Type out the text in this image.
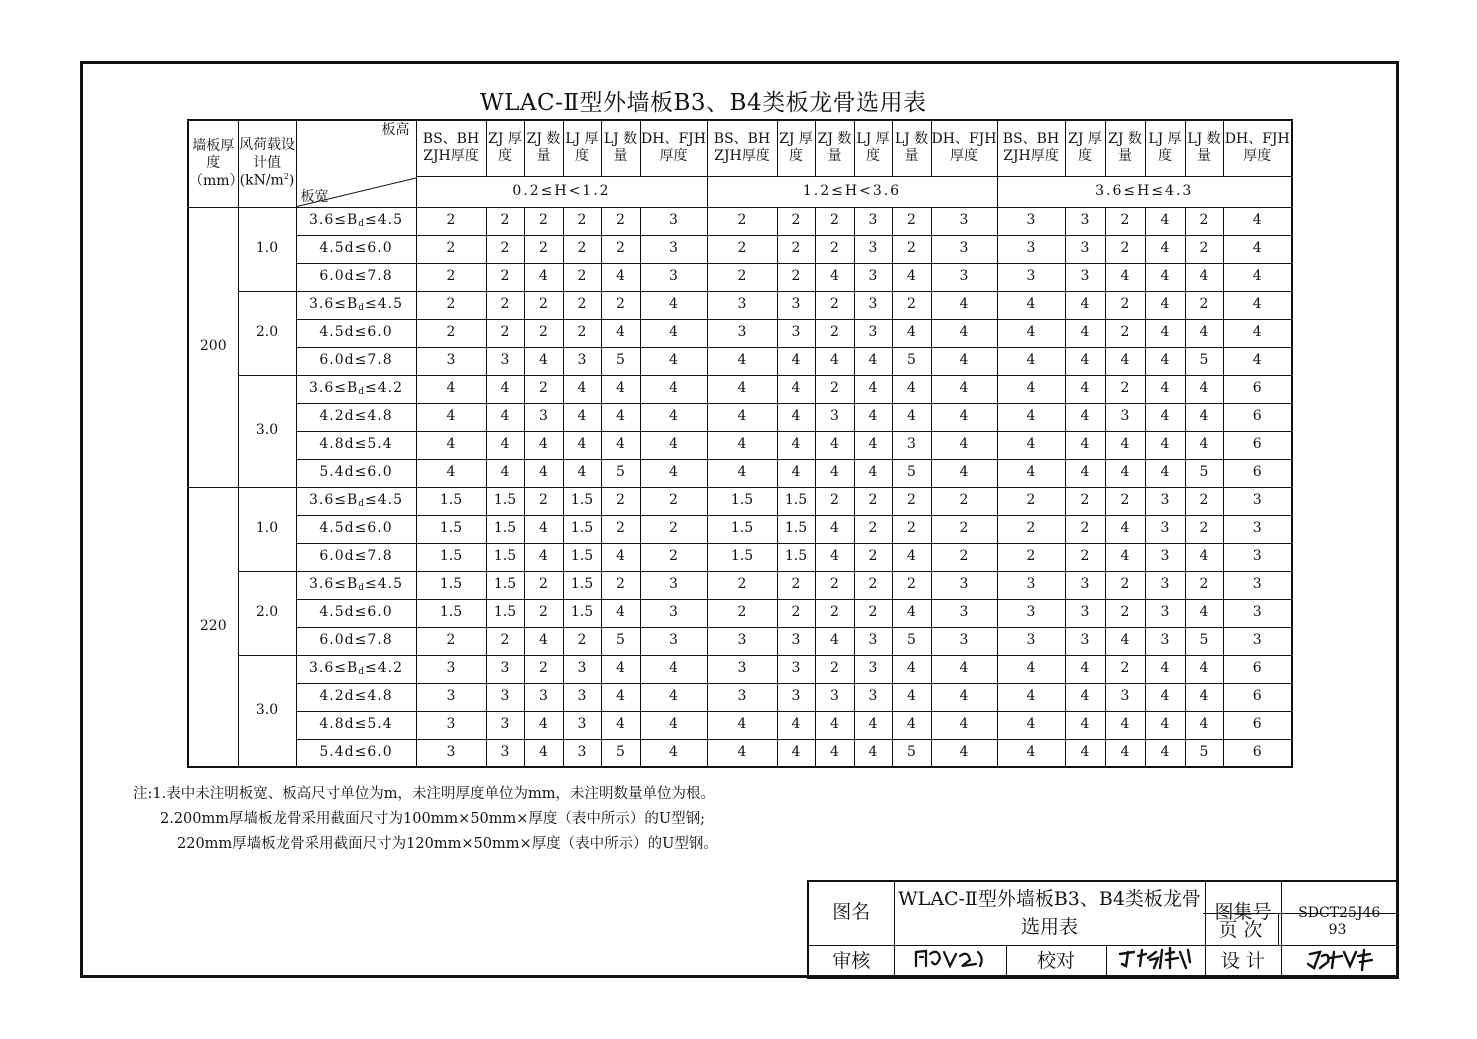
WLAC-Ⅱ型外墙板B3、B4类板龙骨选用表
墙板厚度（mm）	风荷载设计值$(kN/m^2)$	板高
板宽	BS、BH ZJH厚度	ZJ 厚度	ZJ 数量	LJ 厚度	LJ 数量	DH、FJH 厚度	BS、BH ZJH厚度	ZJ 厚度	ZJ 数量	LJ 厚度	LJ 数量	DH、FJH 厚度	BS、BH ZJH厚度	ZJ 厚度	ZJ 数量	LJ 厚度	LJ 数量	DH、FJH 厚度
			0.2≤H<1.2						1.2≤H<3.6						3.6≤H≤4.3					
200	1.0	$3.6\le B_d\le 4.5$	2	2	2	2	2	3	2	2	2	3	2	3	3	3	2	4	2	4
		4.5d≤6.0	2	2	2	2	2	3	2	2	2	3	2	3	3	3	2	4	2	4
		6.0d≤7.8	2	2	4	2	4	3	2	2	4	3	4	3	3	3	4	4	4	4
	2.0	$3.6\le B_d\le 4.5$	2	2	2	2	2	4	3	3	2	3	2	4	4	4	2	4	2	4
		4.5d≤6.0	2	2	2	2	4	4	3	3	2	3	4	4	4	4	2	4	4	4
		6.0d≤7.8	3	3	4	3	5	4	4	4	4	4	5	4	4	4	4	4	5	4
	3.0	$3.6\le B_d\le 4.2$	4	4	2	4	4	4	4	4	2	4	4	4	4	4	2	4	4	6
		4.2d≤4.8	4	4	3	4	4	4	4	4	3	4	4	4	4	4	3	4	4	6
		4.8d≤5.4	4	4	4	4	4	4	4	4	4	4	3	4	4	4	4	4	4	6
		5.4d≤6.0	4	4	4	4	5	4	4	4	4	4	5	4	4	4	4	4	5	6
220	1.0	$3.6\le B_d\le 4.5$	1.5	1.5	2	1.5	2	2	1.5	1.5	2	2	2	2	2	2	2	3	2	3
		4.5d≤6.0	1.5	1.5	4	1.5	2	2	1.5	1.5	4	2	2	2	2	2	4	3	2	3
		6.0d≤7.8	1.5	1.5	4	1.5	4	2	1.5	1.5	4	2	4	2	2	2	4	3	4	3
	2.0	$3.6\le B_d\le 4.5$	1.5	1.5	2	1.5	2	3	2	2	2	2	2	3	3	3	2	3	2	3
		4.5d≤6.0	1.5	1.5	2	1.5	4	3	2	2	2	2	4	3	3	3	2	3	4	3
		6.0d≤7.8	2	2	4	2	5	3	3	3	4	3	5	3	3	3	4	3	5	3
	3.0	$3.6\le B_d\le 4.2$	3	3	2	3	4	4	3	3	2	3	4	4	4	4	2	4	4	6
		4.2d≤4.8	3	3	3	3	4	4	3	3	3	3	4	4	4	4	3	4	4	6
		4.8d≤5.4	3	3	4	3	4	4	4	4	4	4	4	4	4	4	4	4	4	6
		5.4d≤6.0	3	3	4	3	5	4	4	4	4	4	5	4	4	4	4	4	5	6
注:1.表中未注明板宽、板高尺寸单位为m，未注明厚度单位为mm，未注明数量单位为根。
2.200mm厚墙板龙骨采用截面尺寸为100mm×50mm×厚度（表中所示）的U型钢;
220mm厚墙板龙骨采用截面尺寸为120mm×50mm×厚度（表中所示）的U型钢。
图名	WLAC-Ⅱ型外墙板B3、B4类板龙骨选用表			图集号	SDCT25J46

审核		校对		设 计	
页 次	93
